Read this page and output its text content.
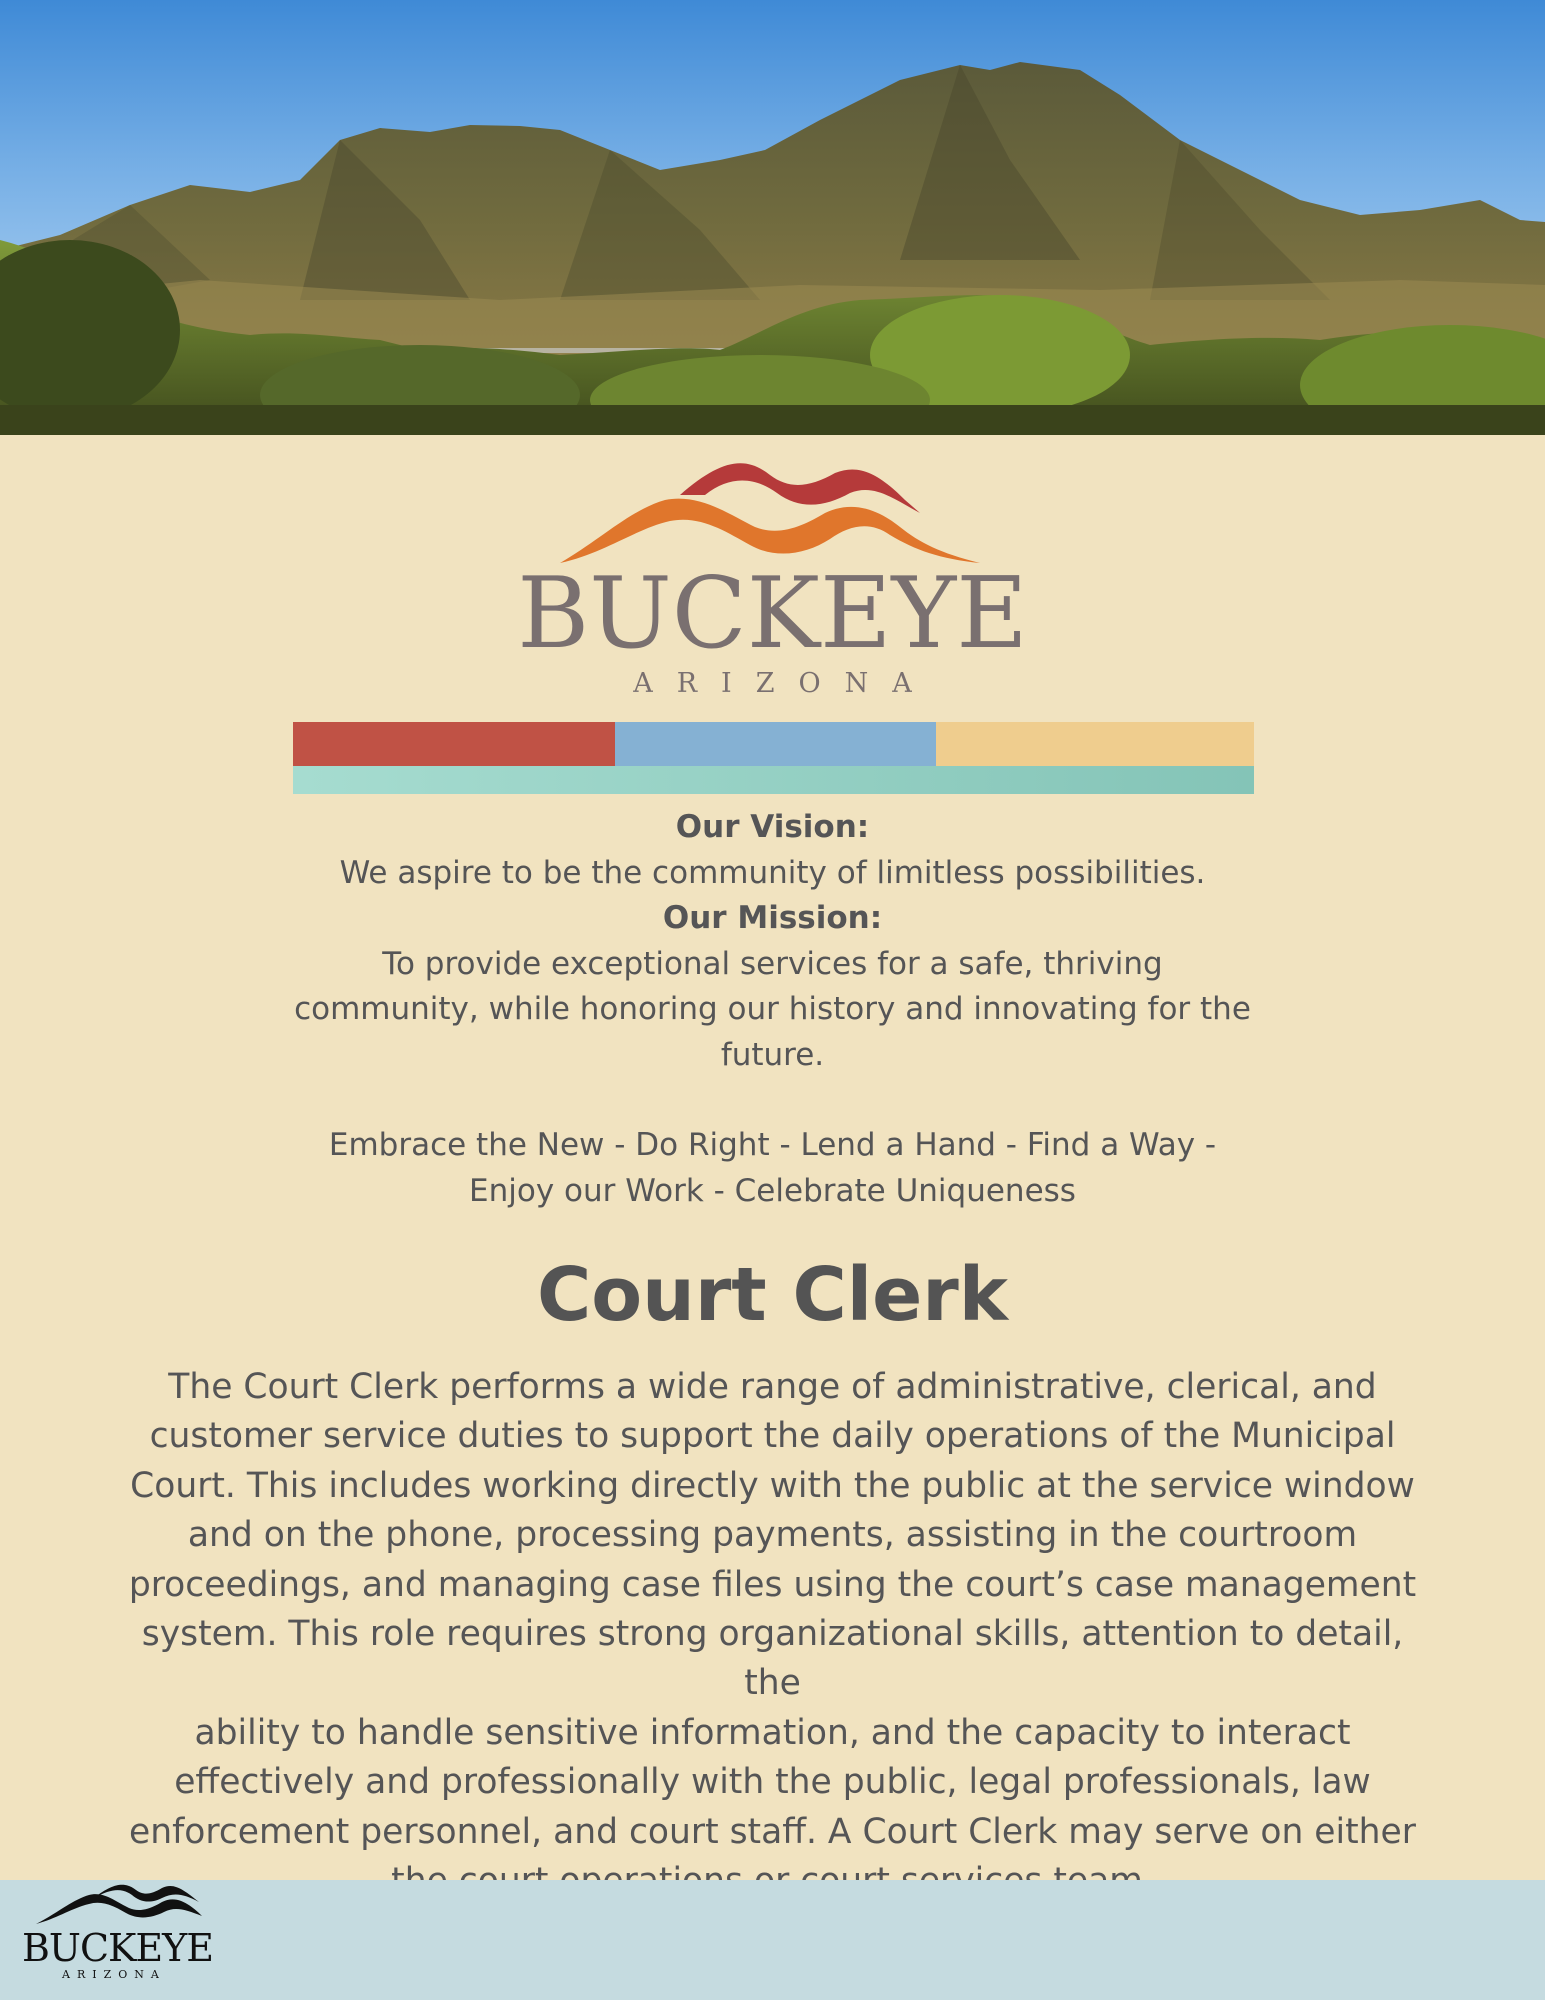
BUCKEYE
ARIZONA
Our Vision:
We aspire to be the community of limitless possibilities.
Our Mission:
To provide exceptional services for a safe, thriving
community, while honoring our history and innovating for the
future.
Embrace the New - Do Right - Lend a Hand - Find a Way -
Enjoy our Work - Celebrate Uniqueness
Court Clerk
The Court Clerk performs a wide range of administrative, clerical, and
customer service duties to support the daily operations of the Municipal
Court. This includes working directly with the public at the service window
and on the phone, processing payments, assisting in the courtroom
proceedings, and managing case files using the court’s case management
system. This role requires strong organizational skills, attention to detail, the
ability to handle sensitive information, and the capacity to interact
effectively and professionally with the public, legal professionals, law
enforcement personnel, and court staff. A Court Clerk may serve on either
BUCKEYE
ARIZONA
